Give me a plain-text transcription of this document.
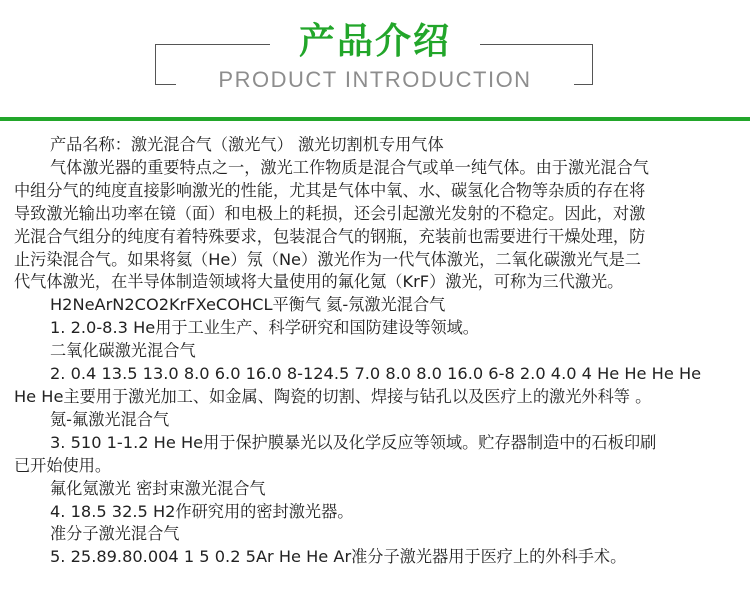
产品介绍
PRODUCT INTRODUCTION
产品名称：激光混合气（激光气） 激光切割机专用气体
气体激光器的重要特点之一，激光工作物质是混合气或单一纯气体。由于激光混合气
中组分气的纯度直接影响激光的性能，尤其是气体中氧、水、碳氢化合物等杂质的存在将
导致激光输出功率在镜（面）和电极上的耗损，还会引起激光发射的不稳定。因此，对激
光混合气组分的纯度有着特殊要求，包装混合气的钢瓶，充装前也需要进行干燥处理，防
止污染混合气。如果将氦（He）氖（Ne）激光作为一代气体激光，二氧化碳激光气是二
代气体激光，在半导体制造领域将大量使用的氟化氪（KrF）激光，可称为三代激光。
H2NeArN2CO2KrFXeCOHCL平衡气 氦-氖激光混合气
1. 2.0-8.3 He用于工业生产、科学研究和国防建设等领域。
二氧化碳激光混合气
2. 0.4 13.5 13.0 8.0 6.0 16.0 8-124.5 7.0 8.0 8.0 16.0 6-8 2.0 4.0 4 He He He He
He He主要用于激光加工、如金属、陶瓷的切割、焊接与钻孔以及医疗上的激光外科等 。
氪-氟激光混合气
3. 510 1-1.2 He He用于保护膜暴光以及化学反应等领域。贮存器制造中的石板印刷
已开始使用。
氟化氪激光 密封束激光混合气
4. 18.5 32.5 H2作研究用的密封激光器。
准分子激光混合气
5. 25.89.80.004 1 5 0.2 5Ar He He Ar准分子激光器用于医疗上的外科手术。
